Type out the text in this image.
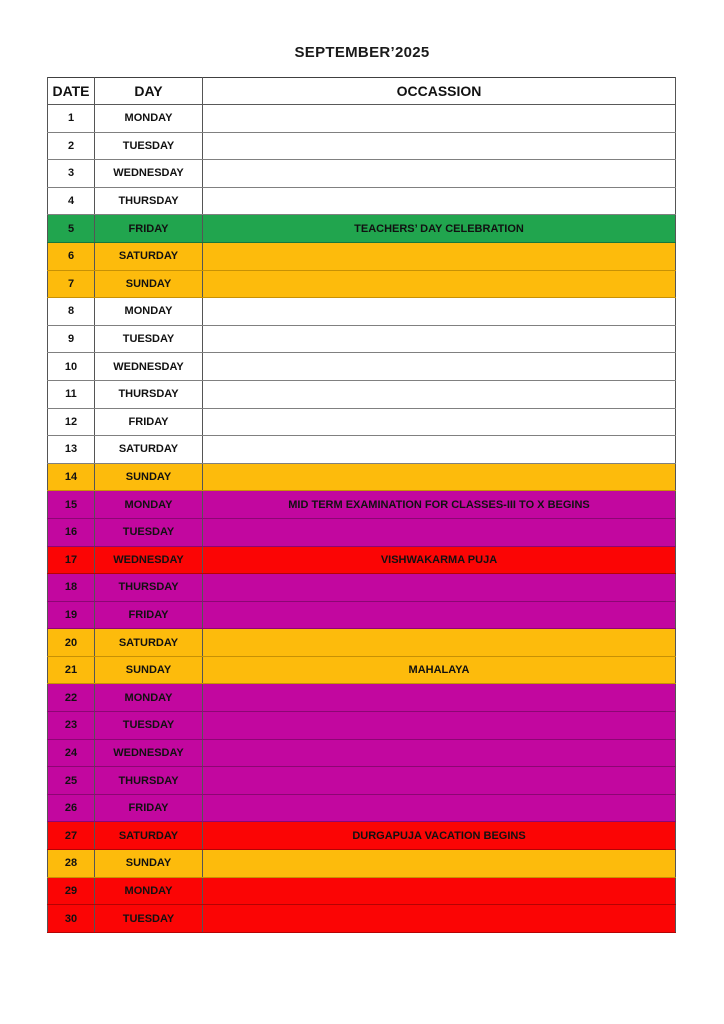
SEPTEMBER’2025
DATE	DAY	OCCASSION
1	MONDAY	
2	TUESDAY	
3	WEDNESDAY	
4	THURSDAY	
5	FRIDAY	TEACHERS’ DAY CELEBRATION
6	SATURDAY	
7	SUNDAY	
8	MONDAY	
9	TUESDAY	
10	WEDNESDAY	
11	THURSDAY	
12	FRIDAY	
13	SATURDAY	
14	SUNDAY	
15	MONDAY	MID TERM EXAMINATION FOR CLASSES-III TO X BEGINS
16	TUESDAY	
17	WEDNESDAY	VISHWAKARMA PUJA
18	THURSDAY	
19	FRIDAY	
20	SATURDAY	
21	SUNDAY	MAHALAYA
22	MONDAY	
23	TUESDAY	
24	WEDNESDAY	
25	THURSDAY	
26	FRIDAY	
27	SATURDAY	DURGAPUJA VACATION BEGINS
28	SUNDAY	
29	MONDAY	
30	TUESDAY	
